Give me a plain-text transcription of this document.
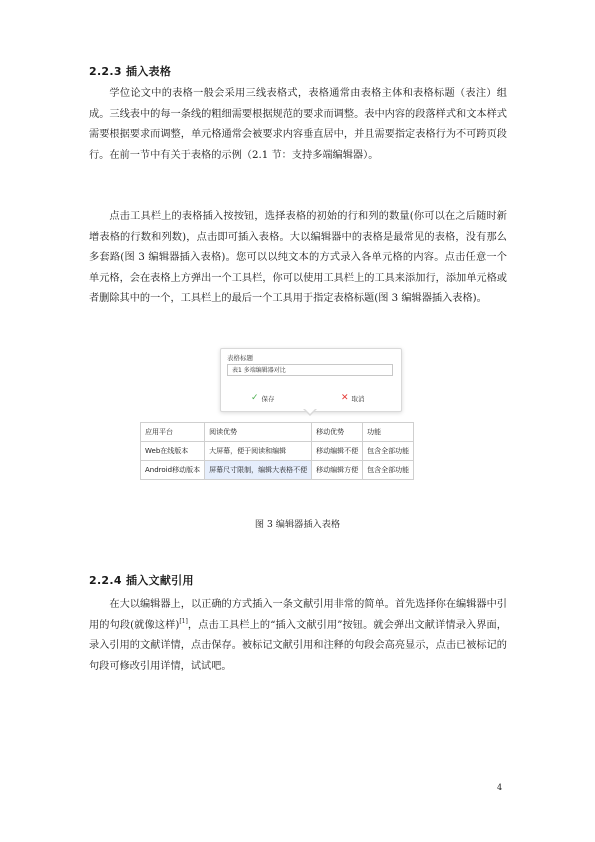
2.2.3 插入表格
学位论文中的表格一般会采用三线表格式，表格通常由表格主体和表格标题（表注）组成。三线表中的每一条线的粗细需要根据规范的要求而调整。表中内容的段落样式和文本样式需要根据要求而调整，单元格通常会被要求内容垂直居中，并且需要指定表格行为不可跨页段行。在前一节中有关于表格的示例（2.1 节：支持多端编辑器）。
点击工具栏上的表格插入按按钮，选择表格的初始的行和列的数量(你可以在之后随时新增表格的行数和列数)，点击即可插入表格。大以编辑器中的表格是最常见的表格，没有那么多套路(图 3 编辑器插入表格)。您可以以纯文本的方式录入各单元格的内容。点击任意一个单元格，会在表格上方弹出一个工具栏，你可以使用工具栏上的工具来添加行，添加单元格或者删除其中的一个，工具栏上的最后一个工具用于指定表格标题(图 3 编辑器插入表格)。
表格标题
表1 多端编辑器对比
✓ 保存	✕ 取消
应用平台	阅读优势	移动优势	功能
Web在线版本	大屏幕，便于阅读和编辑	移动编辑不便	包含全部功能
Android移动版本	屏幕尺寸限制，编辑大表格不便	移动编辑方便	包含全部功能
图 3 编辑器插入表格
2.2.4 插入文献引用
在大以编辑器上，以正确的方式插入一条文献引用非常的简单。首先选择你在编辑器中引用的句段(就像这样)[1]，点击工具栏上的“插入文献引用”按钮。就会弹出文献详情录入界面，录入引用的文献详情，点击保存。被标记文献引用和注释的句段会高亮显示，点击已被标记的句段可修改引用详情，试试吧。
4
